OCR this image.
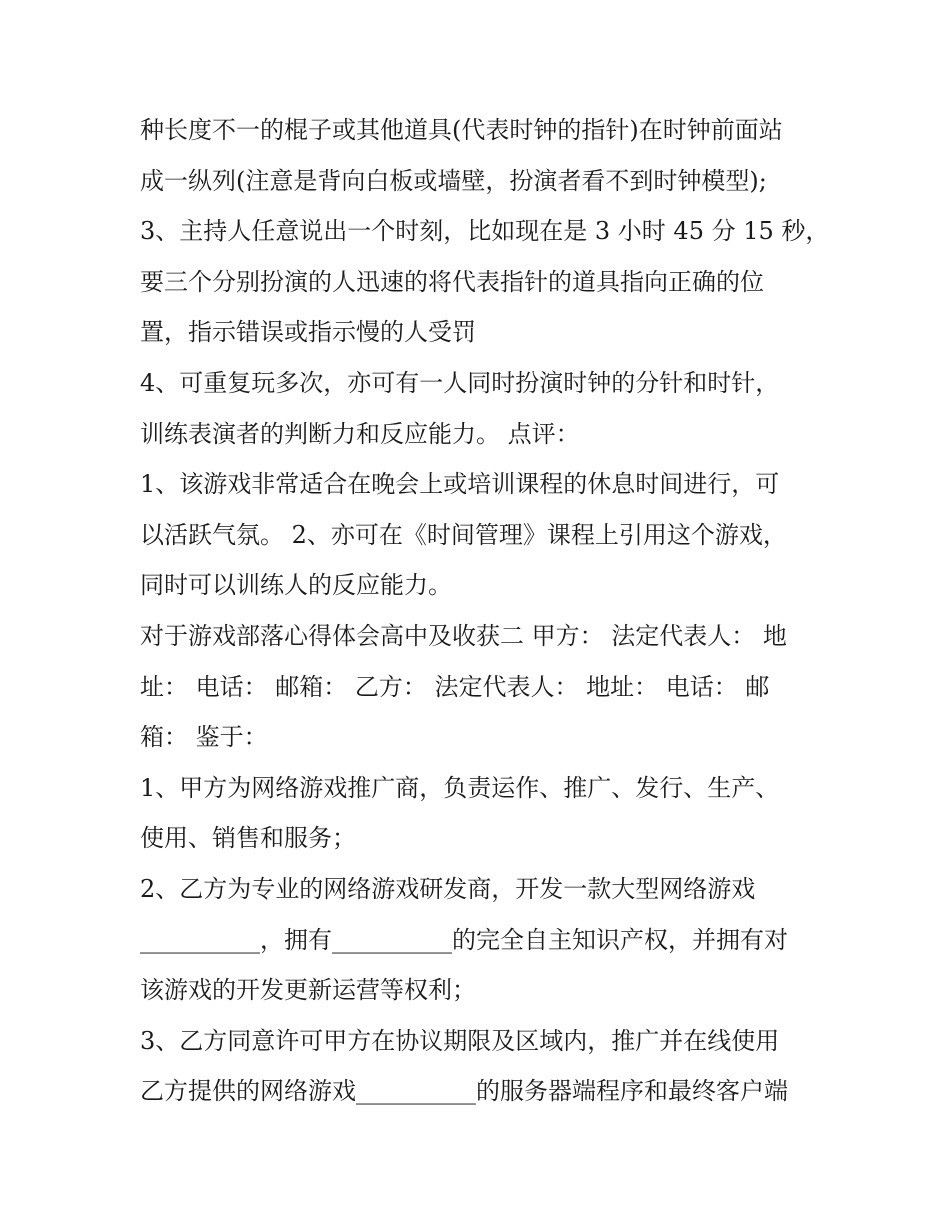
种长度不一的棍子或其他道具(代表时钟的指针)在时钟前面站
成一纵列(注意是背向白板或墙壁，扮演者看不到时钟模型);
3、主持人任意说出一个时刻，比如现在是 3 小时 45 分 15 秒，
要三个分别扮演的人迅速的将代表指针的道具指向正确的位
置，指示错误或指示慢的人受罚
4、可重复玩多次，亦可有一人同时扮演时钟的分针和时针，
训练表演者的判断力和反应能力。 点评：
1、该游戏非常适合在晚会上或培训课程的休息时间进行，可
以活跃气氛。 2、亦可在《时间管理》课程上引用这个游戏，
同时可以训练人的反应能力。
对于游戏部落心得体会高中及收获二 甲方： 法定代表人： 地
址： 电话： 邮箱： 乙方： 法定代表人： 地址： 电话： 邮
箱： 鉴于：
1、甲方为网络游戏推广商，负责运作、推广、发行、生产、
使用、销售和服务；
2、乙方为专业的网络游戏研发商，开发一款大型网络游戏
__________，拥有__________的完全自主知识产权，并拥有对
该游戏的开发更新运营等权利；
3、乙方同意许可甲方在协议期限及区域内，推广并在线使用
乙方提供的网络游戏__________的服务器端程序和最终客户端
